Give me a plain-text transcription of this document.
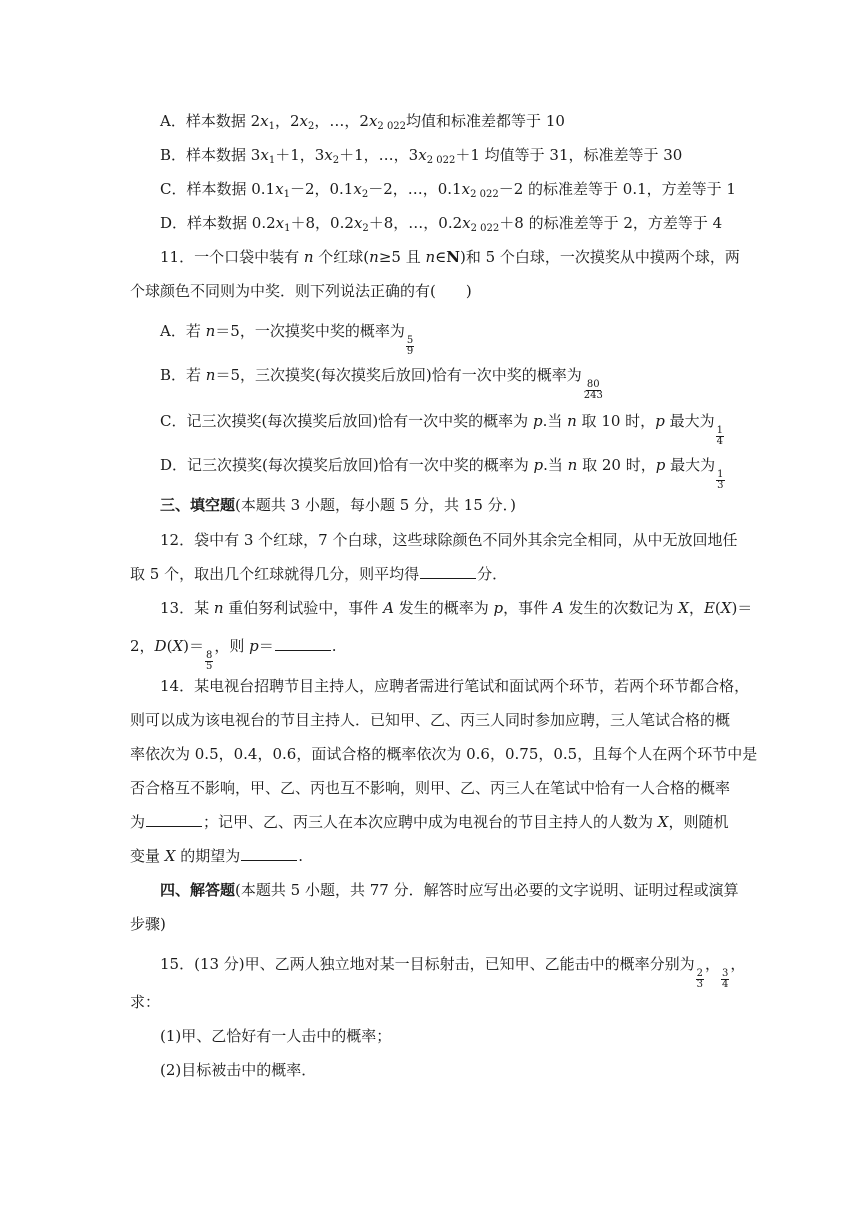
A．样本数据 $2x_1$，$2x_2$，…，$2x_{2 022}$均值和标准差都等于 10
B．样本数据 $3x_1+1$，$3x_2+1$，…，$3x_{2 022}+1$ 均值等于 31，标准差等于 30
C．样本数据 $0.1x_1-2$，$0.1x_2-2$，…，$0.1x_{2 022}-2$ 的标准差等于 0.1，方差等于 1
D．样本数据 $0.2x_1+8$，$0.2x_2+8$，…，$0.2x_{2 022}+8$ 的标准差等于 2，方差等于 4
11．一个口袋中装有 n 个红球(n≥5 且 n∈N)和 5 个白球，一次摸奖从中摸两个球，两
个球颜色不同则为中奖．则下列说法正确的有(　　)
A．若 n＝5，一次摸奖中奖的概率为
$\frac{5}{9}$
B．若 n＝5，三次摸奖(每次摸奖后放回)恰有一次中奖的概率为
$\frac{80}{243}$
C．记三次摸奖(每次摸奖后放回)恰有一次中奖的概率为 p.当 n 取 10 时，p 最大为
$\frac{1}{4}$
D．记三次摸奖(每次摸奖后放回)恰有一次中奖的概率为 p.当 n 取 20 时，p 最大为
$\frac{1}{3}$
三、填空题(本题共 3 小题，每小题 5 分，共 15 分．)
12．袋中有 3 个红球，7 个白球，这些球除颜色不同外其余完全相同，从中无放回地任
取 5 个，取出几个红球就得几分，则平均得	分．
13．某 n 重伯努利试验中，事件 A 发生的概率为 p，事件 A 发生的次数记为 X，E(X)＝
2，D(X)＝
$\frac{8}{5}$
，则 p＝	.
14．某电视台招聘节目主持人，应聘者需进行笔试和面试两个环节，若两个环节都合格，
则可以成为该电视台的节目主持人．已知甲、乙、丙三人同时参加应聘，三人笔试合格的概
率依次为 0.5，0.4，0.6，面试合格的概率依次为 0.6，0.75，0.5，且每个人在两个环节中是
否合格互不影响，甲、乙、丙也互不影响，则甲、乙、丙三人在笔试中恰有一人合格的概率
为	；记甲、乙、丙三人在本次应聘中成为电视台的节目主持人的人数为 X，则随机
变量 X 的期望为	.
四、解答题(本题共 5 小题，共 77 分．解答时应写出必要的文字说明、证明过程或演算
步骤)
15．(13 分)甲、乙两人独立地对某一目标射击，已知甲、乙能击中的概率分别为
$\frac{2}{3}$
，
$\frac{3}{4}$
，
求：
(1)甲、乙恰好有一人击中的概率；
(2)目标被击中的概率．
